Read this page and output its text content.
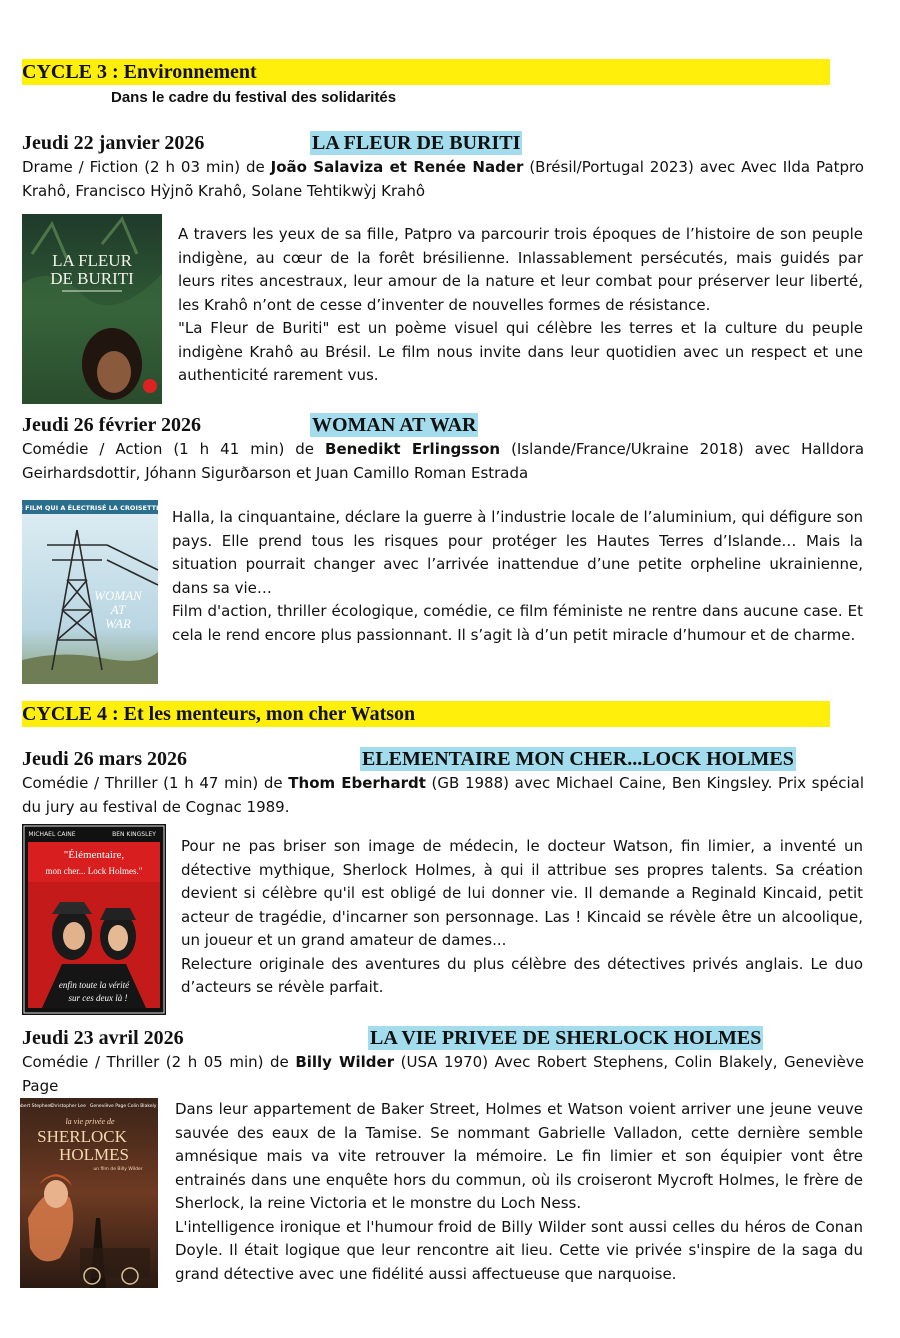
CYCLE 3 : Environnement
Dans le cadre du festival des solidarités
Jeudi 22 janvier 2026	LA FLEUR DE BURITI
Drame / Fiction (2 h 03 min) de João Salaviza et Renée Nader (Brésil/Portugal 2023) avec Avec Ilda Patpro Krahô, Francisco Hỳjnõ Krahô, Solane Tehtikwỳj Krahô
LA FLEUR
DE BURITI

A travers les yeux de sa fille, Patpro va parcourir trois époques de l’histoire de son peuple indigène, au cœur de la forêt brésilienne. Inlassablement persécutés, mais guidés par leurs rites ancestraux, leur amour de la nature et leur combat pour préserver leur liberté, les Krahô n’ont de cesse d’inventer de nouvelles formes de résistance.

"La Fleur de Buriti" est un poème visuel qui célèbre les terres et la culture du peuple indigène Krahô au Brésil. Le film nous invite dans leur quotidien avec un respect et une authenticité rarement vus.

Jeudi 26 février 2026	WOMAN AT WAR
Comédie / Action (1 h 41 min) de Benedikt Erlingsson (Islande/France/Ukraine 2018) avec Halldora Geirhardsdottir, Jóhann Sigurðarson et Juan Camillo Roman Estrada
LE FILM QUI A ÉLECTRISÉ LA CROISETTE !
WOMAN
AT
WAR

Halla, la cinquantaine, déclare la guerre à l’industrie locale de l’aluminium, qui défigure son pays. Elle prend tous les risques pour protéger les Hautes Terres d’Islande… Mais la situation pourrait changer avec l’arrivée inattendue d’une petite orpheline ukrainienne, dans sa vie…

Film d'action, thriller écologique, comédie, ce film féministe ne rentre dans aucune case. Et cela le rend encore plus passionnant. Il s’agit là d’un petit miracle d’humour et de charme.

CYCLE 4 : Et les menteurs, mon cher Watson
Jeudi 26 mars 2026	ELEMENTAIRE MON CHER...LOCK HOLMES
Comédie / Thriller (1 h 47 min) de Thom Eberhardt (GB 1988) avec Michael Caine, Ben Kingsley. Prix spécial du jury au festival de Cognac 1989.
MICHAEL CAINE	BEN KINGSLEY
"Élémentaire,
mon cher... Lock Holmes."
enfin toute la vérité
sur ces deux là !

Pour ne pas briser son image de médecin, le docteur Watson, fin limier, a inventé un détective mythique, Sherlock Holmes, à qui il attribue ses propres talents. Sa création devient si célèbre qu'il est obligé de lui donner vie. Il demande a Reginald Kincaid, petit acteur de tragédie, d'incarner son personnage. Las ! Kincaid se révèle être un alcoolique, un joueur et un grand amateur de dames...

Relecture originale des aventures du plus célèbre des détectives privés anglais. Le duo d’acteurs se révèle parfait.

Jeudi 23 avril 2026	LA VIE PRIVEE DE SHERLOCK HOLMES
Comédie / Thriller (2 h 05 min) de Billy Wilder (USA 1970) Avec Robert Stephens, Colin Blakely, Geneviève Page
Robert Stephens
Christopher Lee Geneviève Page Colin Blakely
la vie privée de
SHERLOCK
HOLMES
un film de Billy Wilder

Dans leur appartement de Baker Street, Holmes et Watson voient arriver une jeune veuve sauvée des eaux de la Tamise. Se nommant Gabrielle Valladon, cette dernière semble amnésique mais va vite retrouver la mémoire. Le fin limier et son équipier vont être entrainés dans une enquête hors du commun, où ils croiseront Mycroft Holmes, le frère de Sherlock, la reine Victoria et le monstre du Loch Ness.

L'intelligence ironique et l'humour froid de Billy Wilder sont aussi celles du héros de Conan Doyle. Il était logique que leur rencontre ait lieu. Cette vie privée s'inspire de la saga du grand détective avec une fidélité aussi affectueuse que narquoise.
